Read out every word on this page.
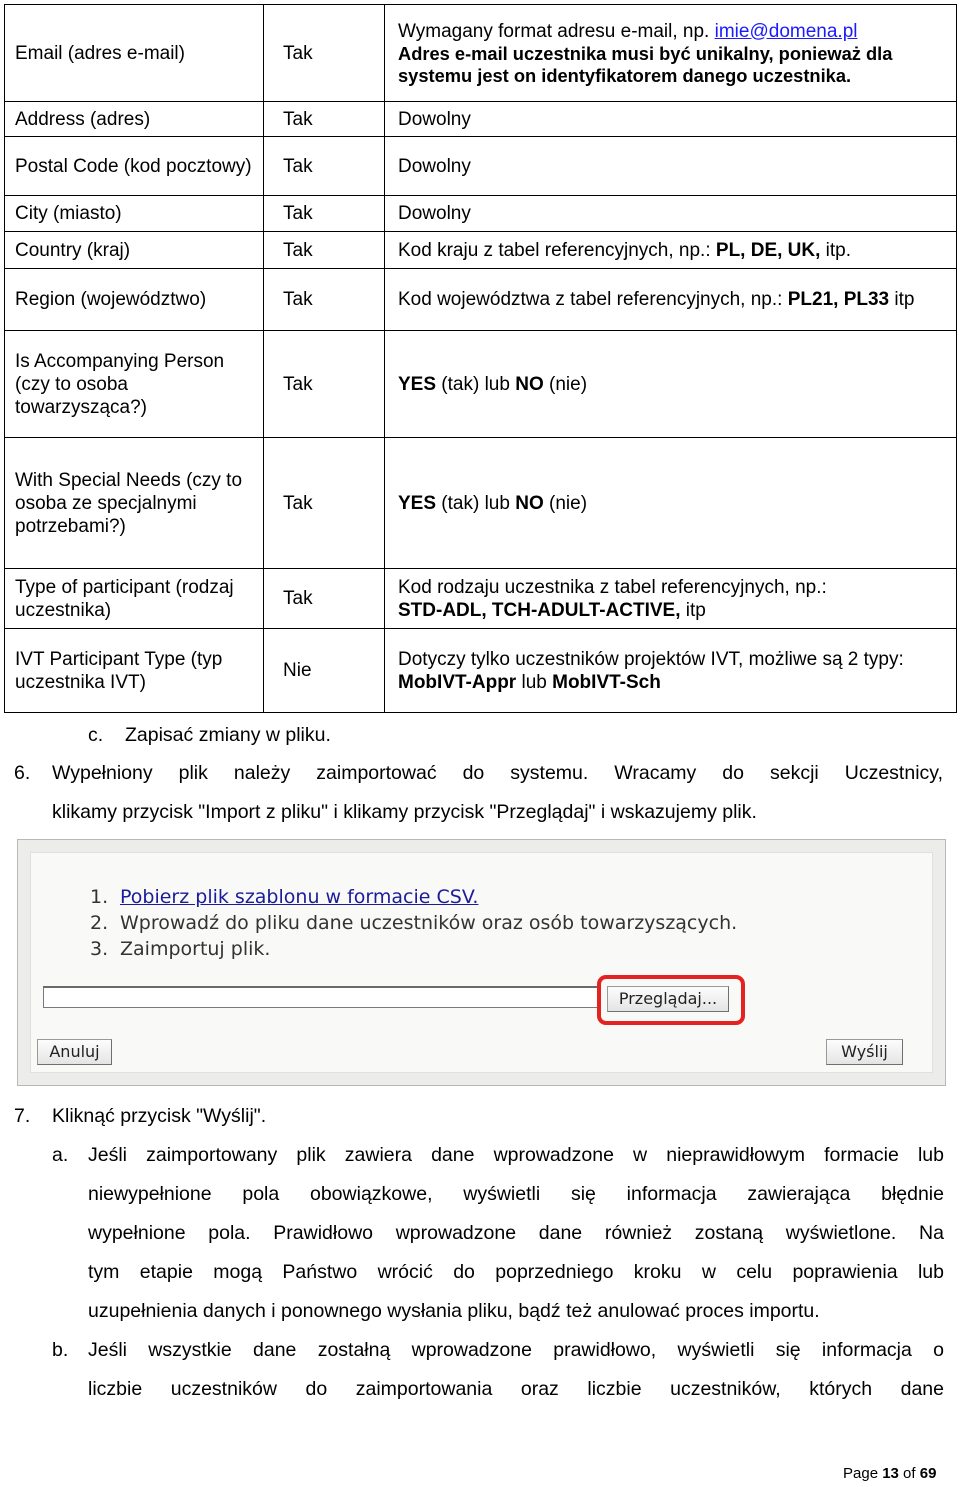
Email (adres e-mail)	Tak	Wymagany format adresu e-mail, np. imie@domena.pl
Adres e-mail uczestnika musi być unikalny, ponieważ dla systemu jest on identyfikatorem danego uczestnika.

Address (adres)	Tak	Dowolny
Postal Code (kod pocztowy)	Tak	Dowolny
City (miasto)	Tak	Dowolny
Country (kraj)	Tak	Kod kraju z tabel referencyjnych, np.: PL, DE, UK, itp.
Region (województwo)	Tak	Kod województwa z tabel referencyjnych, np.: PL21, PL33 itp
Is Accompanying Person (czy to osoba towarzysząca?)	Tak	YES (tak) lub NO (nie)
With Special Needs (czy to osoba ze specjalnymi potrzebami?)	Tak	YES (tak) lub NO (nie)
Type of participant (rodzaj uczestnika)	Tak	Kod rodzaju uczestnika z tabel referencyjnych, np.:
STD-ADL, TCH-ADULT-ACTIVE, itp

IVT Participant Type (typ uczestnika IVT)	Nie	Dotyczy tylko uczestników projektów IVT, możliwe są 2 typy:
MobIVT-Appr lub MobIVT-Sch
c. Zapisać zmiany w pliku.
6. Wypełniony plik należy zaimportować do systemu. Wracamy do sekcji Uczestnicy,
klikamy przycisk "Import z pliku" i klikamy przycisk "Przeglądaj" i wskazujemy plik.
1. Pobierz plik szablonu w formacie CSV.
2. Wprowadź do pliku dane uczestników oraz osób towarzyszących.
3. Zaimportuj plik.
Przeglądaj...
Anuluj	Wyślij
7. Kliknąć przycisk "Wyślij".
a. Jeśli zaimportowany plik zawiera dane wprowadzone w nieprawidłowym formacie lub
niewypełnione pola obowiązkowe, wyświetli się informacja zawierająca błędnie
wypełnione pola. Prawidłowo wprowadzone dane również zostaną wyświetlone. Na
tym etapie mogą Państwo wrócić do poprzedniego kroku w celu poprawienia lub
uzupełnienia danych i ponownego wysłania pliku, bądź też anulować proces importu.
b. Jeśli wszystkie dane zostałną wprowadzone prawidłowo, wyświetli się informacja o
liczbie uczestników do zaimportowania oraz liczbie uczestników, których dane
Page 13 of 69
